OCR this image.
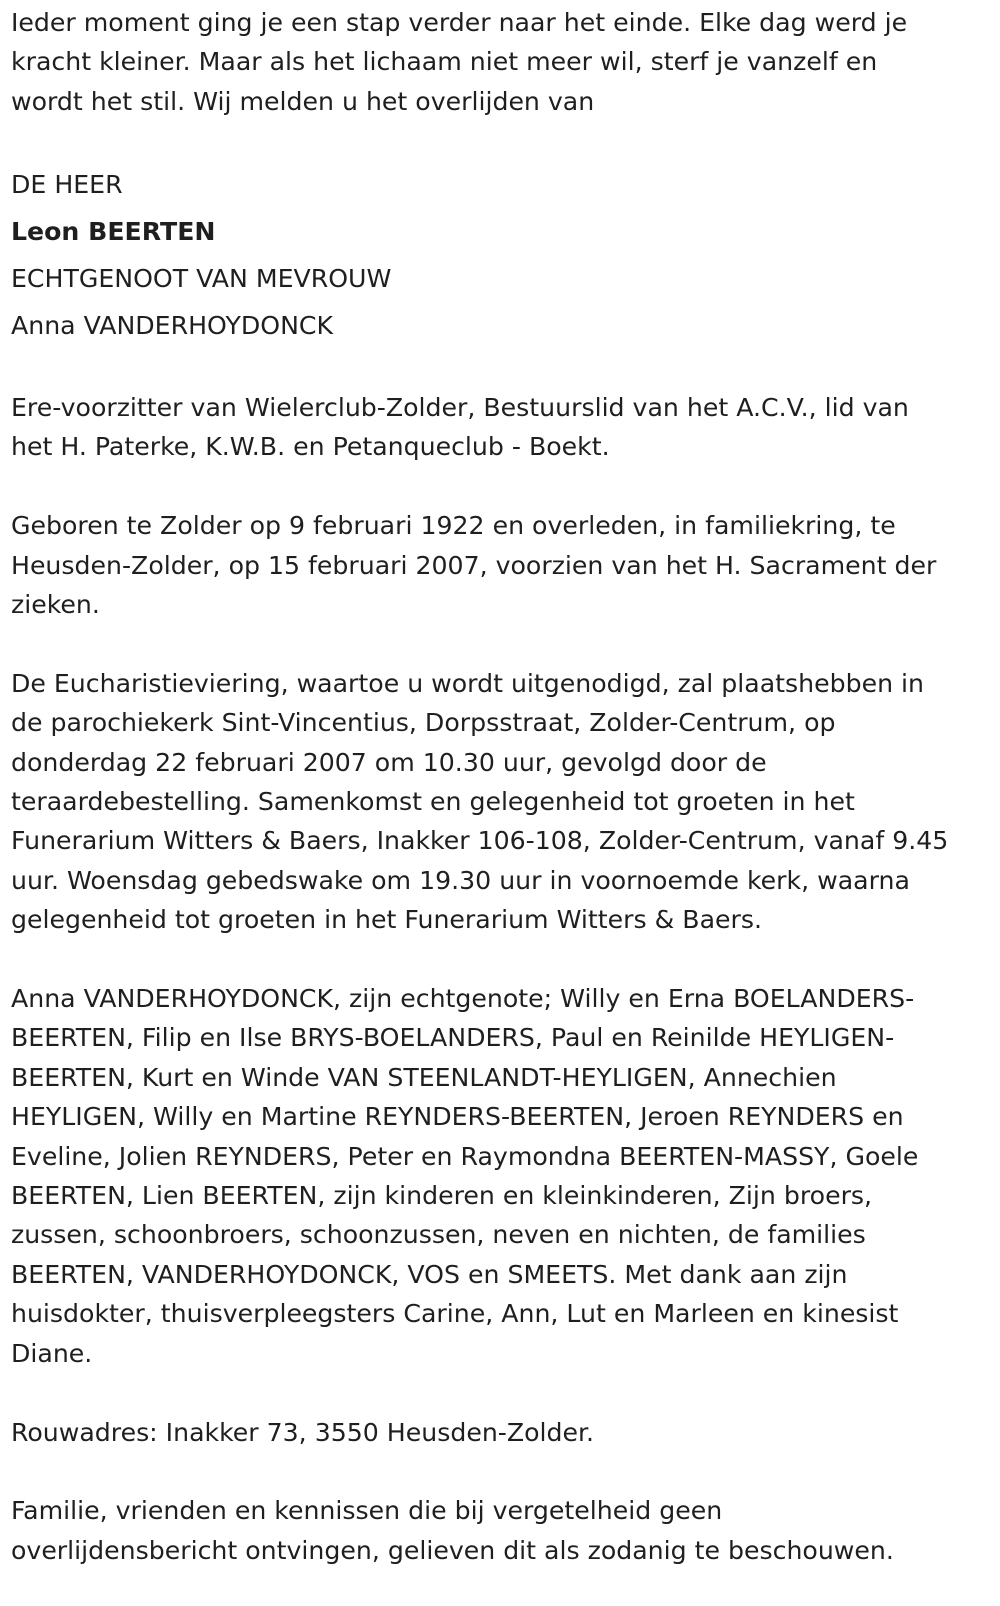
Ieder moment ging je een stap verder naar het einde. Elke dag werd je
kracht kleiner. Maar als het lichaam niet meer wil, sterf je vanzelf en
wordt het stil. Wij melden u het overlijden van

DE HEER
Leon BEERTEN
ECHTGENOOT VAN MEVROUW
Anna VANDERHOYDONCK

Ere-voorzitter van Wielerclub-Zolder, Bestuurslid van het A.C.V., lid van
het H. Paterke, K.W.B. en Petanqueclub - Boekt.

Geboren te Zolder op 9 februari 1922 en overleden, in familiekring, te
Heusden-Zolder, op 15 februari 2007, voorzien van het H. Sacrament der
zieken.

De Eucharistieviering, waartoe u wordt uitgenodigd, zal plaatshebben in
de parochiekerk Sint-Vincentius, Dorpsstraat, Zolder-Centrum, op
donderdag 22 februari 2007 om 10.30 uur, gevolgd door de
teraardebestelling. Samenkomst en gelegenheid tot groeten in het
Funerarium Witters & Baers, Inakker 106-108, Zolder-Centrum, vanaf 9.45
uur. Woensdag gebedswake om 19.30 uur in voornoemde kerk, waarna
gelegenheid tot groeten in het Funerarium Witters & Baers.

Anna VANDERHOYDONCK, zijn echtgenote; Willy en Erna BOELANDERS-
BEERTEN, Filip en Ilse BRYS-BOELANDERS, Paul en Reinilde HEYLIGEN-
BEERTEN, Kurt en Winde VAN STEENLANDT-HEYLIGEN, Annechien
HEYLIGEN, Willy en Martine REYNDERS-BEERTEN, Jeroen REYNDERS en
Eveline, Jolien REYNDERS, Peter en Raymondna BEERTEN-MASSY, Goele
BEERTEN, Lien BEERTEN, zijn kinderen en kleinkinderen, Zijn broers,
zussen, schoonbroers, schoonzussen, neven en nichten, de families
BEERTEN, VANDERHOYDONCK, VOS en SMEETS. Met dank aan zijn
huisdokter, thuisverpleegsters Carine, Ann, Lut en Marleen en kinesist
Diane.

Rouwadres: Inakker 73, 3550 Heusden-Zolder.

Familie, vrienden en kennissen die bij vergetelheid geen
overlijdensbericht ontvingen, gelieven dit als zodanig te beschouwen.
